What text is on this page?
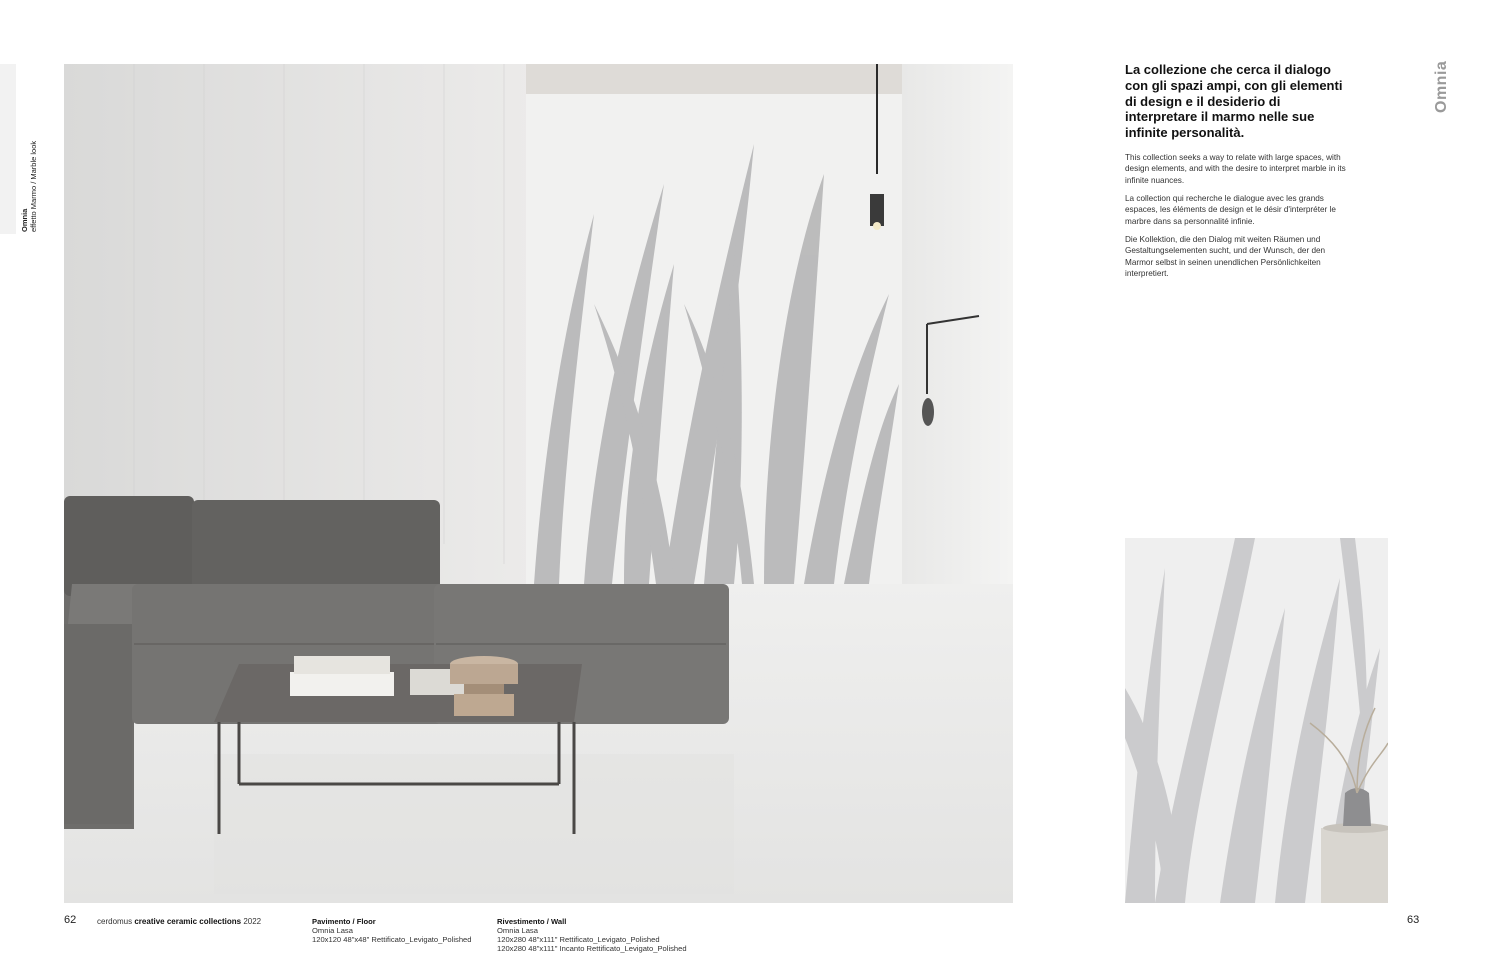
Omnia effetto Marmo / Marble look
Omnia
La collezione che cerca il dialogo con gli spazi ampi, con gli elementi di design e il desiderio di interpretare il marmo nelle sue infinite personalità.

This collection seeks a way to relate with large spaces, with design elements, and with the desire to interpret marble in its infinite nuances.

La collection qui recherche le dialogue avec les grands espaces, les éléments de design et le désir d'interpréter le marbre dans sa personnalité infinie.

Die Kollektion, die den Dialog mit weiten Räumen und Gestaltungselementen sucht, und der Wunsch, der den Marmor selbst in seinen unendlichen Persönlichkeiten interpretiert.

62	cerdomus creative ceramic collections 2022	Pavimento / Floor
Omnia Lasa
120x120 48"x48" Rettificato_Levigato_Polished
Rivestimento / Wall
Omnia Lasa
120x280 48"x111" Rettificato_Levigato_Polished
120x280 48"x111" Incanto Rettificato_Levigato_Polished
63
